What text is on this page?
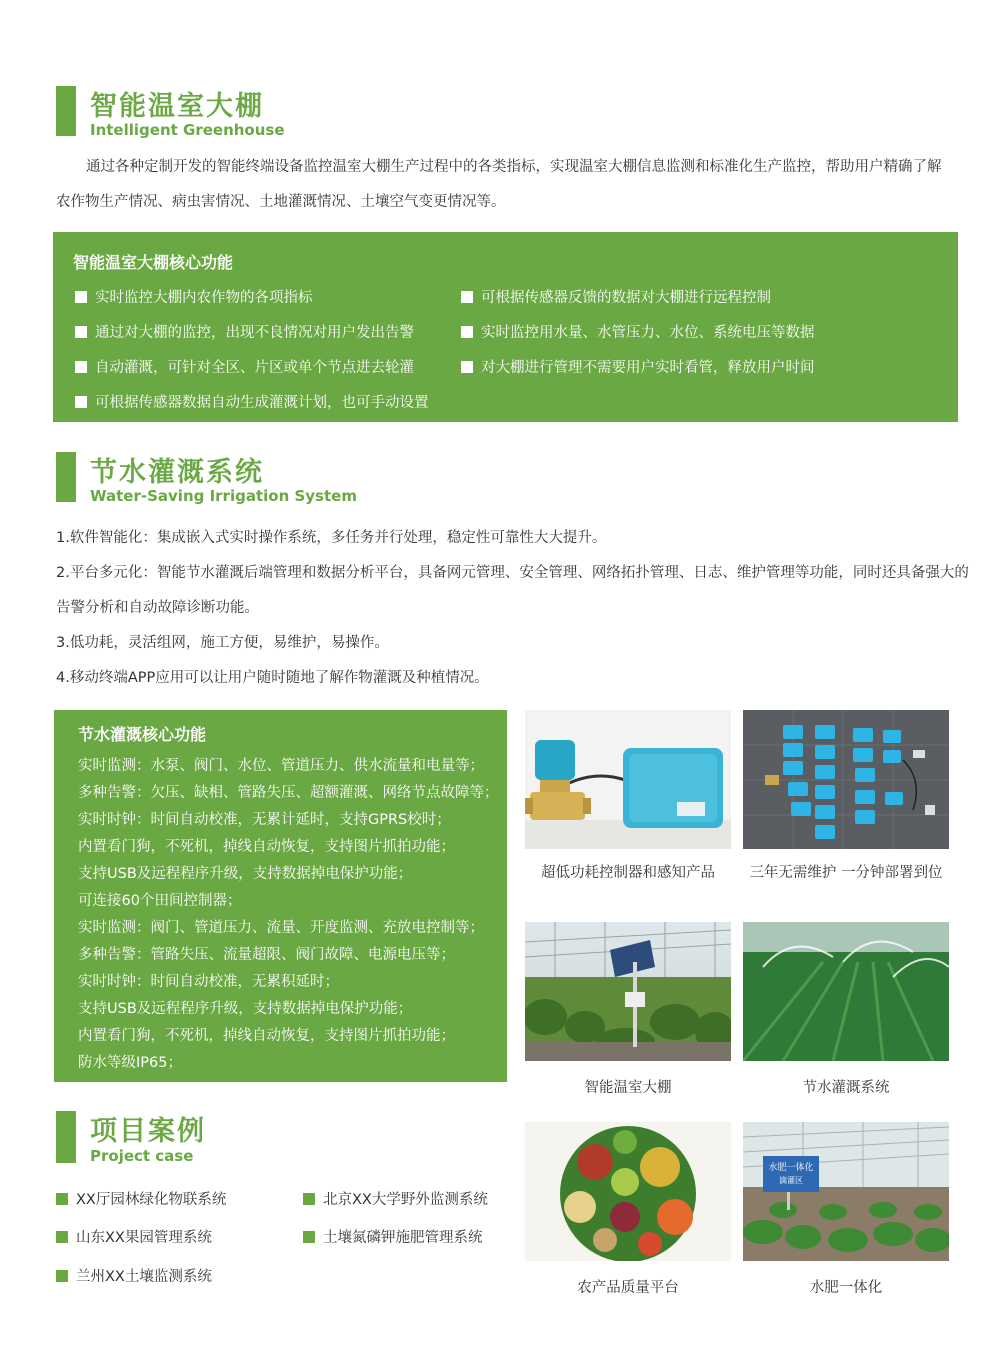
智能温室大棚
Intelligent Greenhouse
通过各种定制开发的智能终端设备监控温室大棚生产过程中的各类指标，实现温室大棚信息监测和标准化生产监控，帮助用户精确了解
农作物生产情况、病虫害情况、土地灌溉情况、土壤空气变更情况等。
智能温室大棚核心功能
实时监控大棚内农作物的各项指标
通过对大棚的监控，出现不良情况对用户发出告警
自动灌溉，可针对全区、片区或单个节点进去轮灌
可根据传感器数据自动生成灌溉计划，也可手动设置
可根据传感器反馈的数据对大棚进行远程控制
实时监控用水量、水管压力、水位、系统电压等数据
对大棚进行管理不需要用户实时看管，释放用户时间
节水灌溉系统
Water-Saving Irrigation System
1.软件智能化：集成嵌入式实时操作系统，多任务并行处理，稳定性可靠性大大提升。
2.平台多元化：智能节水灌溉后端管理和数据分析平台，具备网元管理、安全管理、网络拓扑管理、日志、维护管理等功能，同时还具备强大的
告警分析和自动故障诊断功能。
3.低功耗，灵活组网，施工方便，易维护，易操作。
4.移动终端APP应用可以让用户随时随地了解作物灌溉及种植情况。
节水灌溉核心功能
实时监测：水泵、阀门、水位、管道压力、供水流量和电量等；
多种告警：欠压、缺相、管路失压、超额灌溉、网络节点故障等；
实时时钟：时间自动校准，无累计延时，支持GPRS校时；
内置看门狗，不死机，掉线自动恢复，支持图片抓拍功能；
支持USB及远程程序升级，支持数据掉电保护功能；
可连接60个田间控制器；
实时监测：阀门、管道压力、流量、开度监测、充放电控制等；
多种告警：管路失压、流量超限、阀门故障、电源电压等；
实时时钟：时间自动校准，无累积延时；
支持USB及远程程序升级，支持数据掉电保护功能；
内置看门狗，不死机，掉线自动恢复，支持图片抓拍功能；
防水等级IP65；
超低功耗控制器和感知产品	三年无需维护 一分钟部署到位
智能温室大棚	节水灌溉系统
农产品质量平台
水肥一体化
滴灌区
水肥一体化
项目案例
Project case
XX厅园林绿化物联系统
山东XX果园管理系统
兰州XX土壤监测系统
北京XX大学野外监测系统
土壤氮磷钾施肥管理系统
